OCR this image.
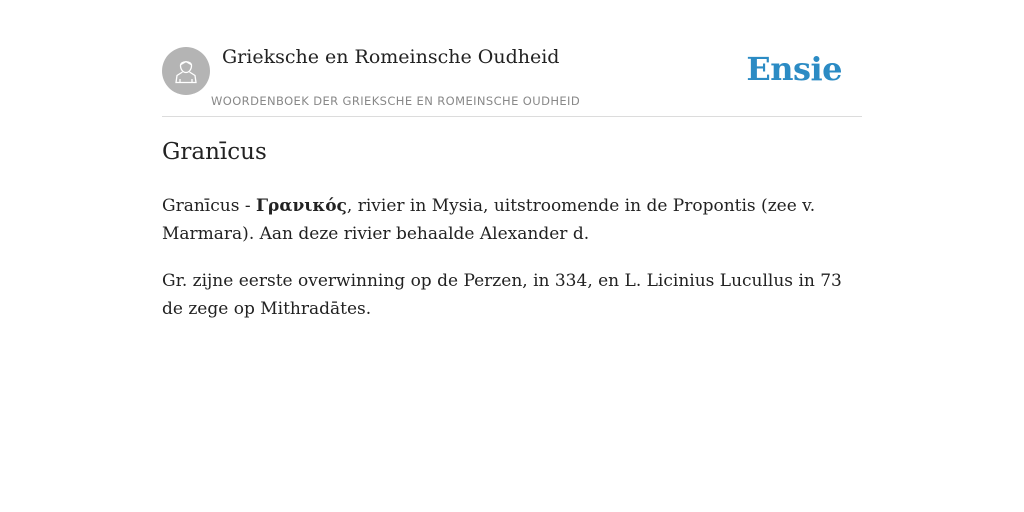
Grieksche en Romeinsche Oudheid
WOORDENBOEK DER GRIEKSCHE EN ROMEINSCHE OUDHEID
Ensie
Granīcus

Granīcus - Γρανικός, rivier in Mysia, uitstroomende in de Propontis (zee v. Marmara). Aan deze rivier behaalde Alexander d.

Gr. zijne eerste overwinning op de Perzen, in 334, en L. Licinius Lucullus in 73 de zege op Mithradātes.
